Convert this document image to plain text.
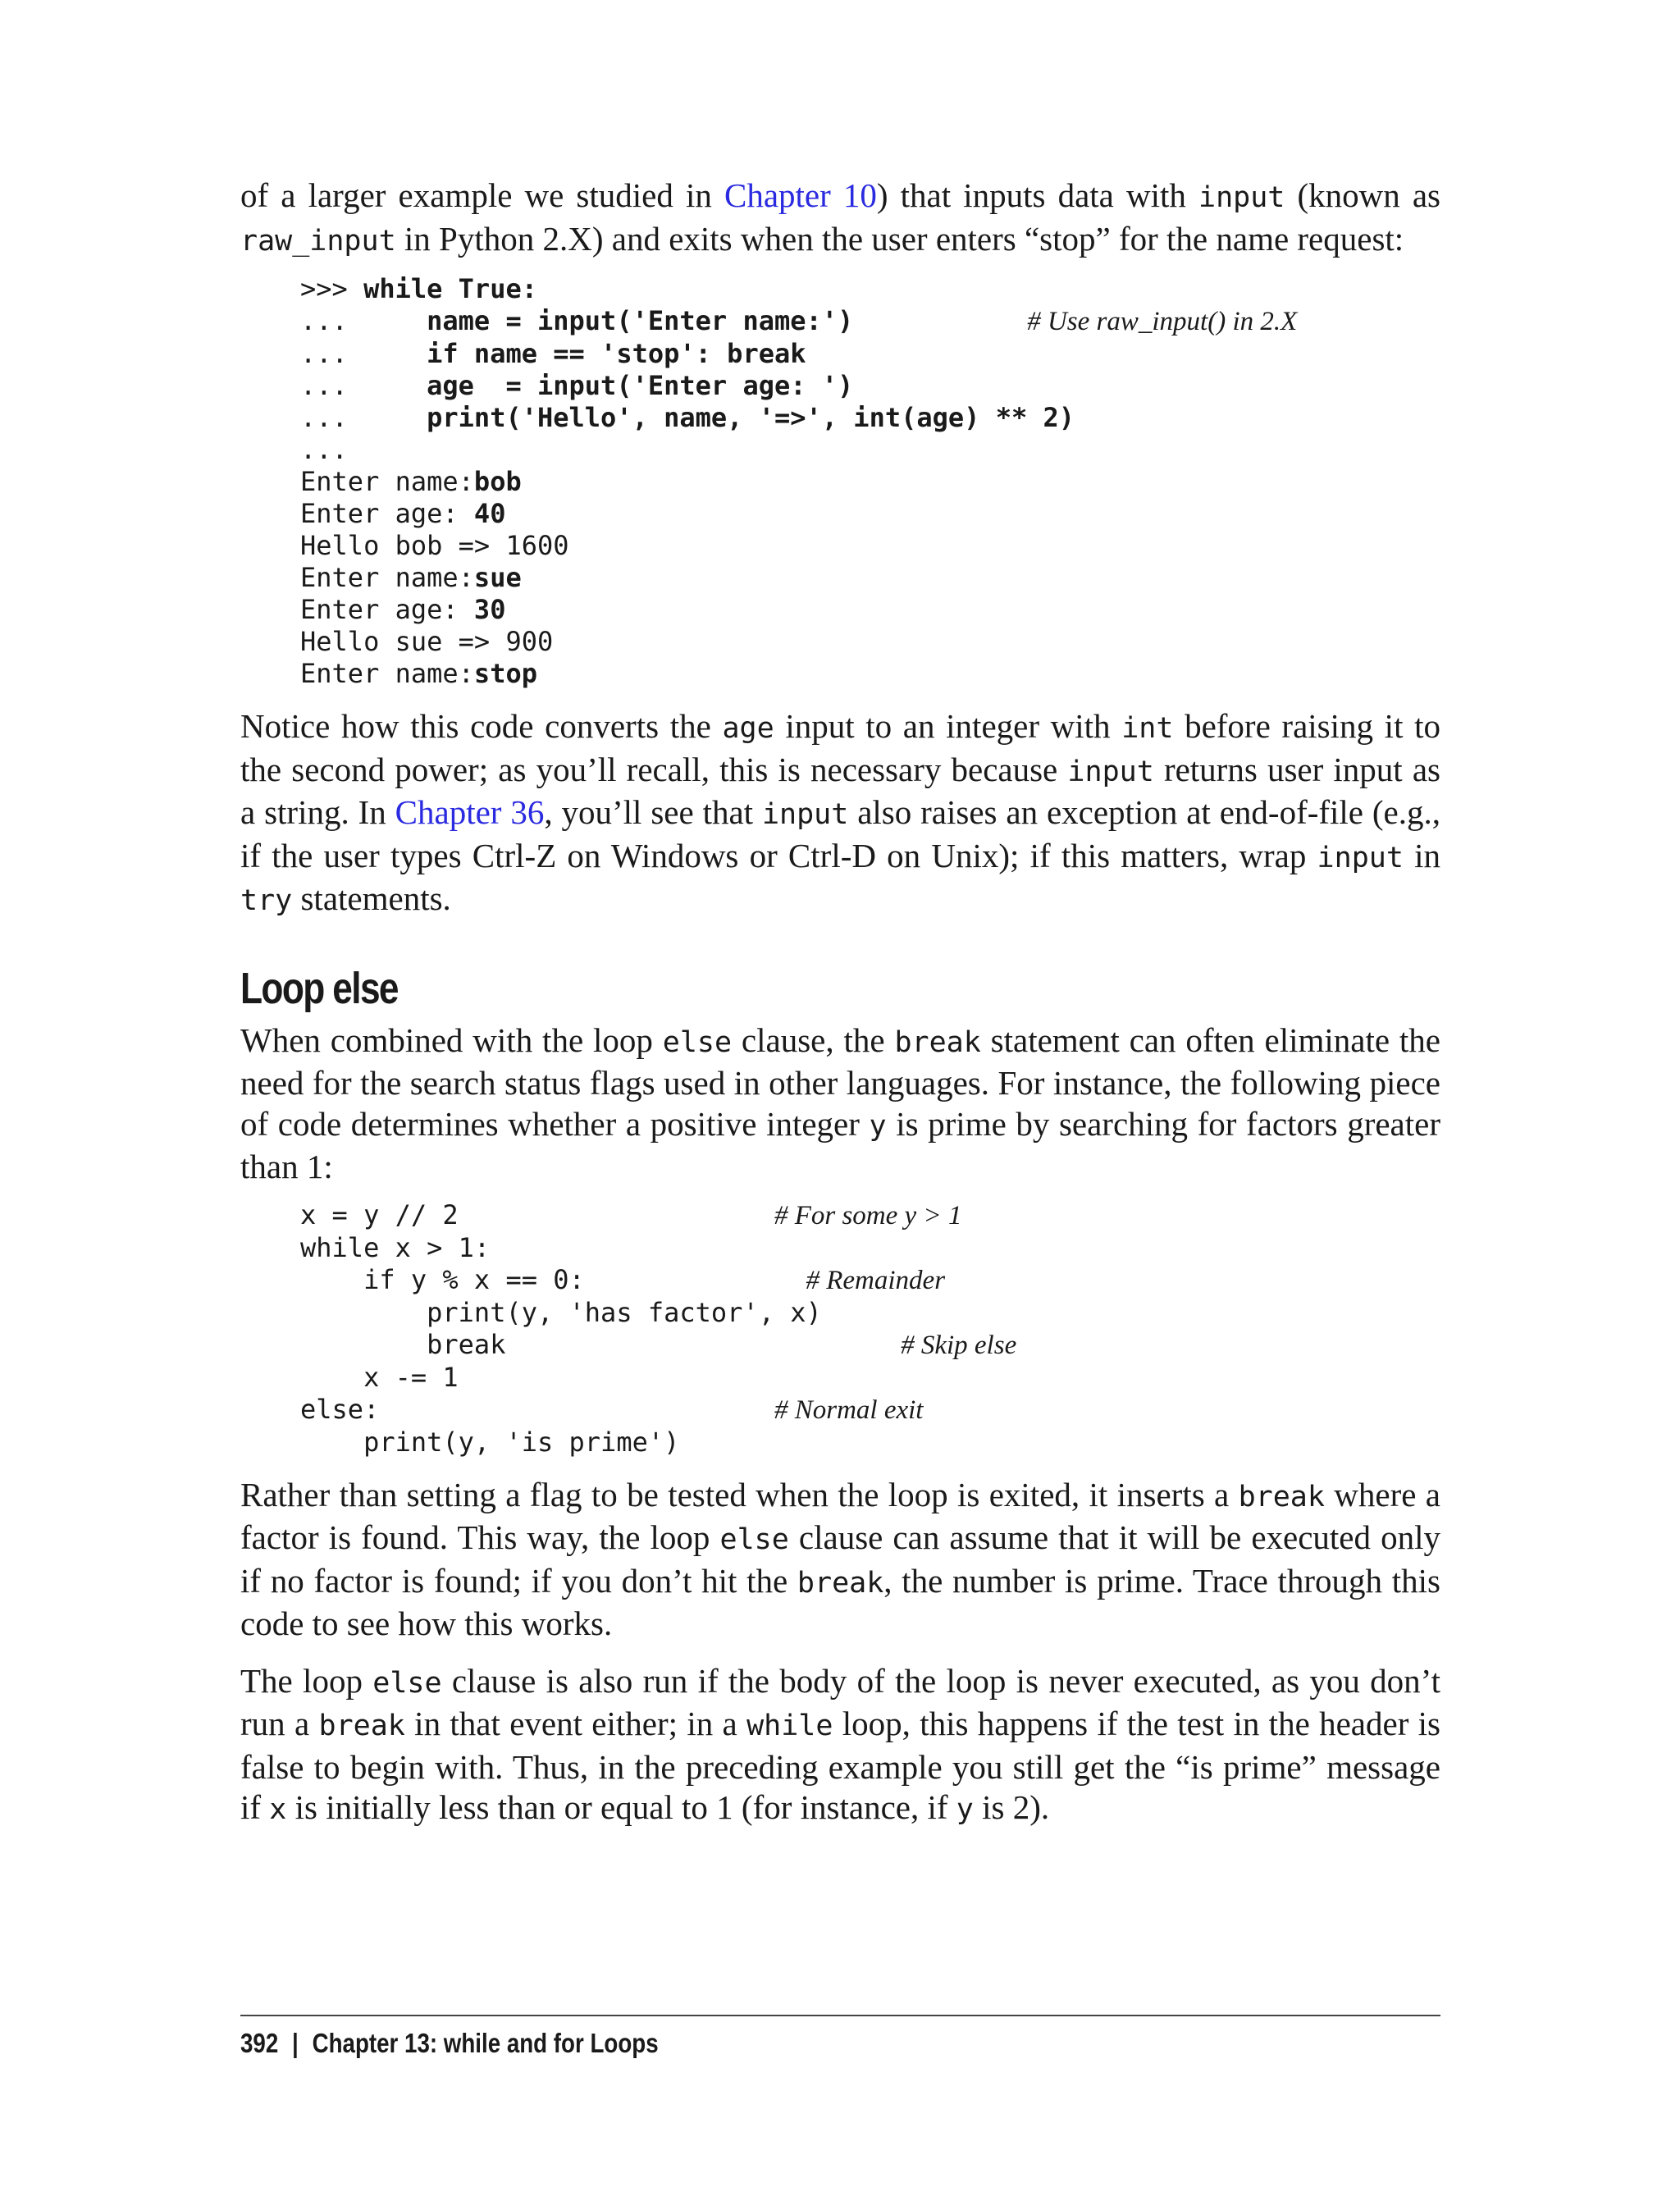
of a larger example we studied in Chapter 10) that inputs data with input (known as raw_input in Python 2.X) and exits when the user enters “stop” for the name request:

>>> while True:
...     name = input('Enter name:')	# Use raw_input() in 2.X
...     if name == 'stop': break
...     age  = input('Enter age: ')
...     print('Hello', name, '=>', int(age) ** 2)
...
Enter name:bob
Enter age: 40
Hello bob => 1600
Enter name:sue
Enter age: 30
Hello sue => 900
Enter name:stop

Notice how this code converts the age input to an integer with int before raising it to the second power; as you’ll recall, this is necessary because input returns user input as a string. In Chapter 36, you’ll see that input also raises an exception at end-of-file (e.g., if the user types Ctrl-Z on Windows or Ctrl-D on Unix); if this matters, wrap input in try statements.

Loop else

When combined with the loop else clause, the break statement can often eliminate the need for the search status flags used in other languages. For instance, the following piece of code determines whether a positive integer y is prime by searching for factors greater than 1:

x = y // 2	# For some y > 1
while x > 1:
if y % x == 0:	# Remainder
print(y, 'has factor', x)
break	# Skip else
x -= 1
else:	# Normal exit
print(y, 'is prime')

Rather than setting a flag to be tested when the loop is exited, it inserts a break where a factor is found. This way, the loop else clause can assume that it will be executed only if no factor is found; if you don’t hit the break, the number is prime. Trace through this code to see how this works.

The loop else clause is also run if the body of the loop is never executed, as you don’t run a break in that event either; in a while loop, this happens if the test in the header is false to begin with. Thus, in the preceding example you still get the “is prime” message if x is initially less than or equal to 1 (for instance, if y is 2).

392 | Chapter 13: while and for Loops
